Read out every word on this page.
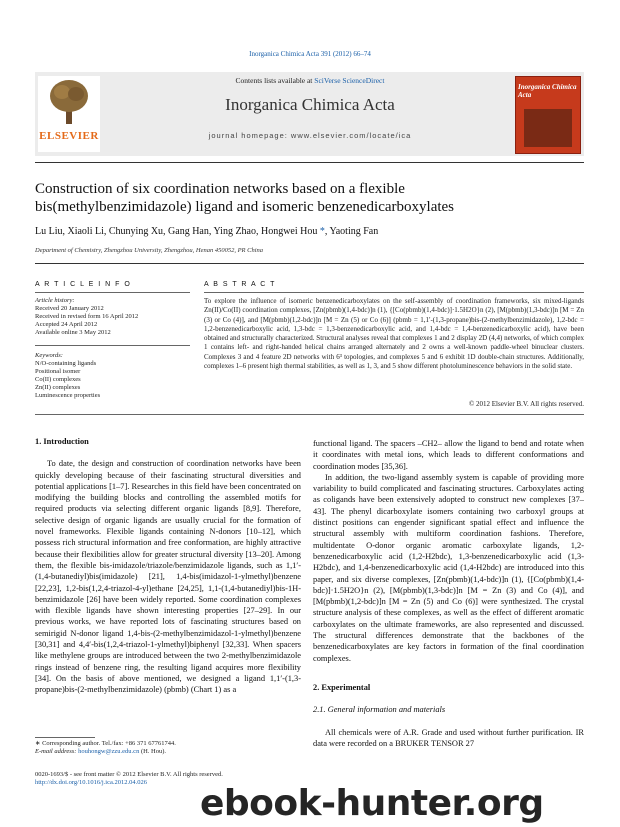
Inorganica Chimica Acta 391 (2012) 66–74
ELSEVIER
Contents lists available at SciVerse ScienceDirect
Inorganica Chimica Acta
journal homepage: www.elsevier.com/locate/ica
Inorganica Chimica Acta
Construction of six coordination networks based on a flexible
bis(methylbenzimidazole) ligand and isomeric benzenedicarboxylates
Lu Liu, Xiaoli Li, Chunying Xu, Gang Han, Ying Zhao, Hongwei Hou *, Yaoting Fan
Department of Chemistry, Zhengzhou University, Zhengzhou, Henan 450052, PR China
A R T I C L E I N F O	A B S T R A C T
Article history:
Received 20 January 2012
Received in revised form 16 April 2012
Accepted 24 April 2012
Available online 3 May 2012
Keywords:
N/O-containing ligands
Positional isomer
Co(II) complexes
Zn(II) complexes
Luminescence properties
To explore the influence of isomeric benzenedicarboxylates on the self-assembly of coordination frameworks, six mixed-ligands Zn(II)/Co(II) coordination complexes, [Zn(pbmb)(1,4-bdc)]n (1), {[Co(pbmb)(1,4-bdc)]·1.5H2O}n (2), [M(pbmb)(1,3-bdc)]n [M = Zn (3) or Co (4)], and [M(pbmb)(1,2-bdc)]n [M = Zn (5) or Co (6)] (pbmb = 1,1′-(1,3-propane)bis-(2-methylbenzimidazole), 1,2-bdc = 1,2-benzenedicarboxylic acid, 1,3-bdc = 1,3-benzenedicarboxylic acid, and 1,4-bdc = 1,4-benzenedicarboxylic acid), have been obtained and structurally characterized. Structural analyses reveal that complexes 1 and 2 display 2D (4,4) networks, of which complex 1 contains left- and right-handed helical chains arranged alternately and 2 owns a well-known paddle-wheel binuclear clusters. Complexes 3 and 4 feature 2D networks with 6³ topologies, and complexes 5 and 6 exhibit 1D double-chain structures. Additionally, complexes 1–6 present high thermal stabilities, as well as 1, 3, and 5 show different photoluminescence behaviors in the solid state.
© 2012 Elsevier B.V. All rights reserved.
1. Introduction

To date, the design and construction of coordination networks have been quickly developing because of their fascinating structural diversities and potential applications [1–7]. Researches in this field have been concentrated on modifying the building blocks and controlling the assembled motifs for required products via selecting different organic ligands [8,9]. Therefore, selective design of organic ligands are usually crucial for the formation of novel frameworks. Flexible ligands containing N-donors [10–12], which possess rich structural information and free conformation, are highly attractive because their flexibilities allow for greater structural diversity [13–20]. Among them, the flexible bis-imidazole/triazole/benzimidazole ligands, such as 1,1′-(1,4-butanediyl)bis(imidazole) [21], 1,4-bis(imidazol-1-ylmethyl)benzene [22,23], 1,2-bis(1,2,4-triazol-4-yl)ethane [24,25], 1,1-(1,4-butanediyl)bis-1H-benzimidazole [26] have been widely reported. Some coordination complexes with flexible ligands have shown interesting properties [27–29]. In our previous works, we have reported lots of fascinating structures based on semirigid N-donor ligand 1,4-bis-(2-methylbenzimidazol-1-ylmethyl)benzene [30,31] and 4,4′-bis(1,2,4-triazol-1-ylmethyl)biphenyl [32,33]. When spacers like methylene groups are introduced between the two 2-methylbenzimidazole rings instead of benzene ring, the resulting ligand acquires more flexibility [34]. On the basis of above mentioned, we designed a ligand 1,1′-(1,3-propane)bis-(2-methylbenzimidazole) (pbmb) (Chart 1) as a

functional ligand. The spacers –CH2– allow the ligand to bend and rotate when it coordinates with metal ions, which leads to different conformations and coordination modes [35,36].

In addition, the two-ligand assembly system is capable of providing more variability to build complicated and fascinating structures. Carboxylates acting as coligands have been extensively adopted to construct new complexes [37–43]. The phenyl dicarboxylate isomers containing two carboxyl groups at distinct positions can engender significant spatial effect and influence the structural assembly with multiform coordination fashions. Therefore, multidentate O-donor organic aromatic carboxylate ligands, 1,2-benzenedicarboxylic acid (1,2-H2bdc), 1,3-benzenedicarboxylic acid (1,3-H2bdc), and 1,4-benzenedicarboxylic acid (1,4-H2bdc) are introduced into this paper, and six diverse complexes, [Zn(pbmb)(1,4-bdc)]n (1), {[Co(pbmb)(1,4-bdc)]·1.5H2O}n (2), [M(pbmb)(1,3-bdc)]n [M = Zn (3) and Co (4)], and [M(pbmb)(1,2-bdc)]n [M = Zn (5) and Co (6)] were synthesized. The crystal structure analysis of these complexes, as well as the effect of different aromatic carboxylates on the ultimate frameworks, are also represented and discussed. The structural differences demonstrate that the backbones of the benzenedicarboxylates are key factors in formation of the final coordination complexes.

2. Experimental
2.1. General information and materials

All chemicals were of A.R. Grade and used without further purification. IR data were recorded on a BRUKER TENSOR 27

∗ Corresponding author. Tel./fax: +86 371 67761744.
E-mail address: houhongw@zzu.edu.cn (H. Hou).
0020-1693/$ - see front matter © 2012 Elsevier B.V. All rights reserved.
http://dx.doi.org/10.1016/j.ica.2012.04.026
ebook-hunter.org
